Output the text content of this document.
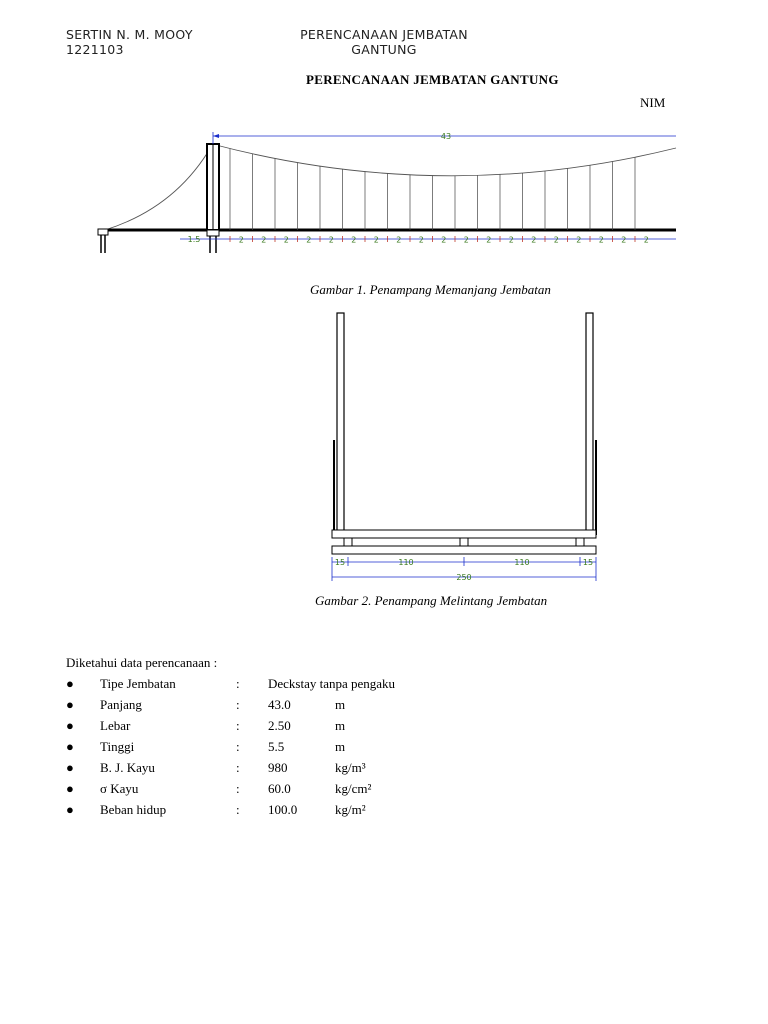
SERTIN N. M. MOOY
1221103
PERENCANAAN JEMBATAN
GANTUNG
PERENCANAAN JEMBATAN GANTUNG
NIM
43
1.5	2 2 2 2 2 2 2 2 2 2 2 2 2 2 2 2 2 2 2
Gambar 1. Penampang Memanjang Jembatan
15	110	110	15
250
Gambar 2. Penampang Melintang Jembatan
Diketahui data perencanaan :
● Tipe Jembatan	: Deckstay tanpa pengaku
● Panjang	: 43.0	m
● Lebar	: 2.50	m
● Tinggi	: 5.5	m
● B. J. Kayu	: 980	kg/m³
● σ Kayu	: 60.0	kg/cm²
● Beban hidup	: 100.0	kg/m²
